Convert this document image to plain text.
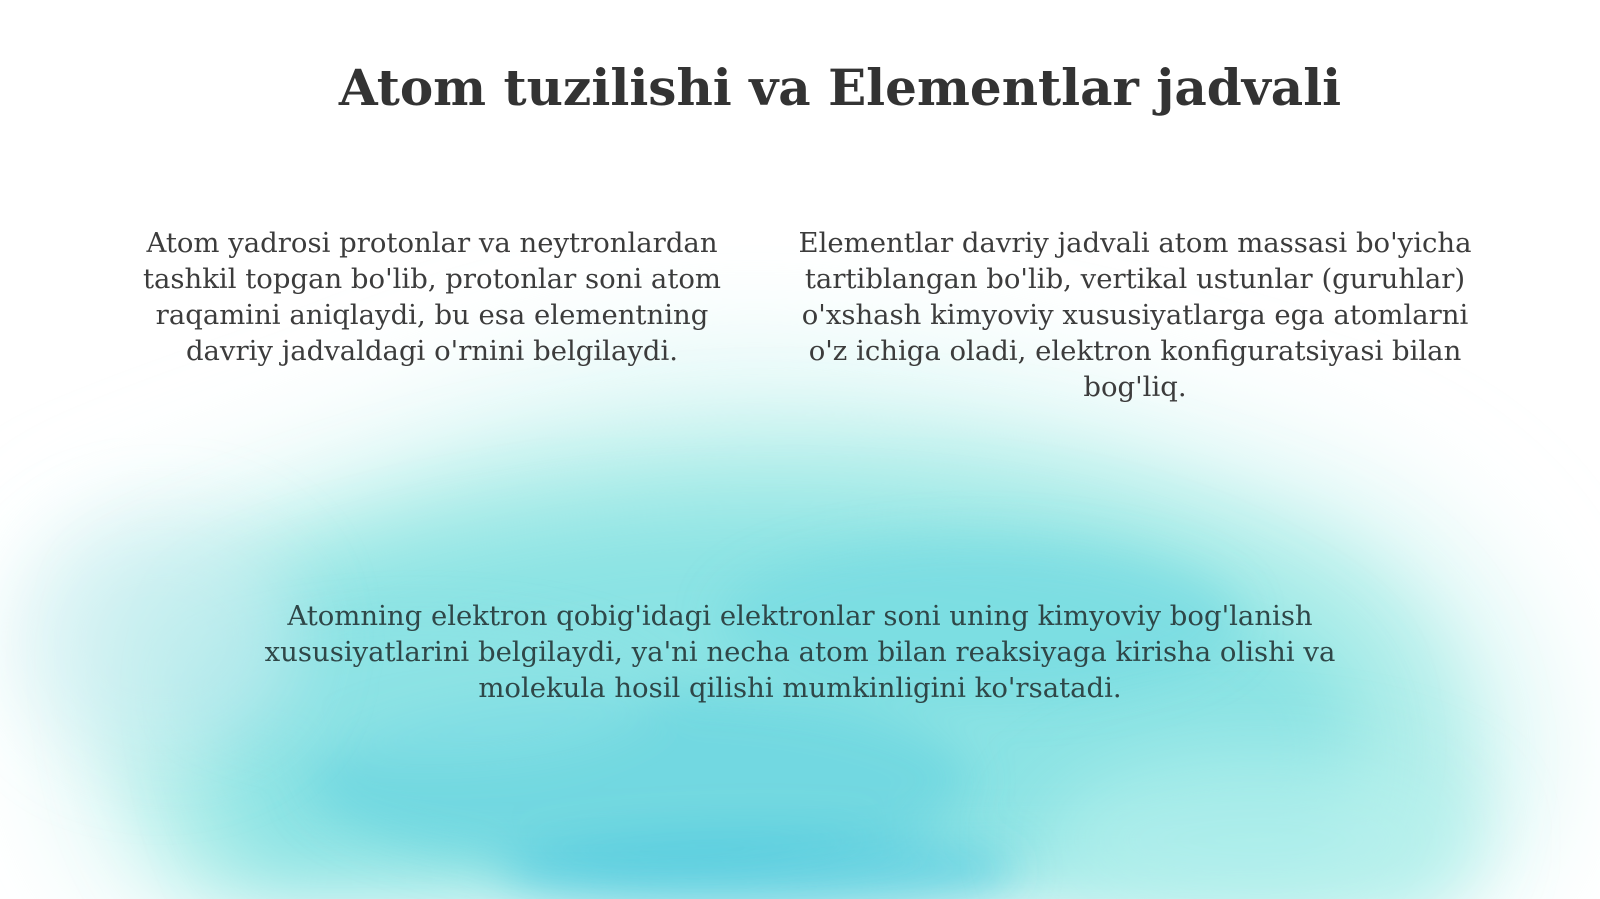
Atom tuzilishi va Elementlar jadvali

Atom yadrosi protonlar va neytronlardan tashkil topgan bo'lib, protonlar soni atom raqamini aniqlaydi, bu esa elementning davriy jadvaldagi o'rnini belgilaydi.

Elementlar davriy jadvali atom massasi bo'yicha tartiblangan bo'lib, vertikal ustunlar (guruhlar) o'xshash kimyoviy xususiyatlarga ega atomlarni o'z ichiga oladi, elektron konfiguratsiyasi bilan bog'liq.

Atomning elektron qobig'idagi elektronlar soni uning kimyoviy bog'lanish xususiyatlarini belgilaydi, ya'ni necha atom bilan reaksiyaga kirisha olishi va molekula hosil qilishi mumkinligini ko'rsatadi.
